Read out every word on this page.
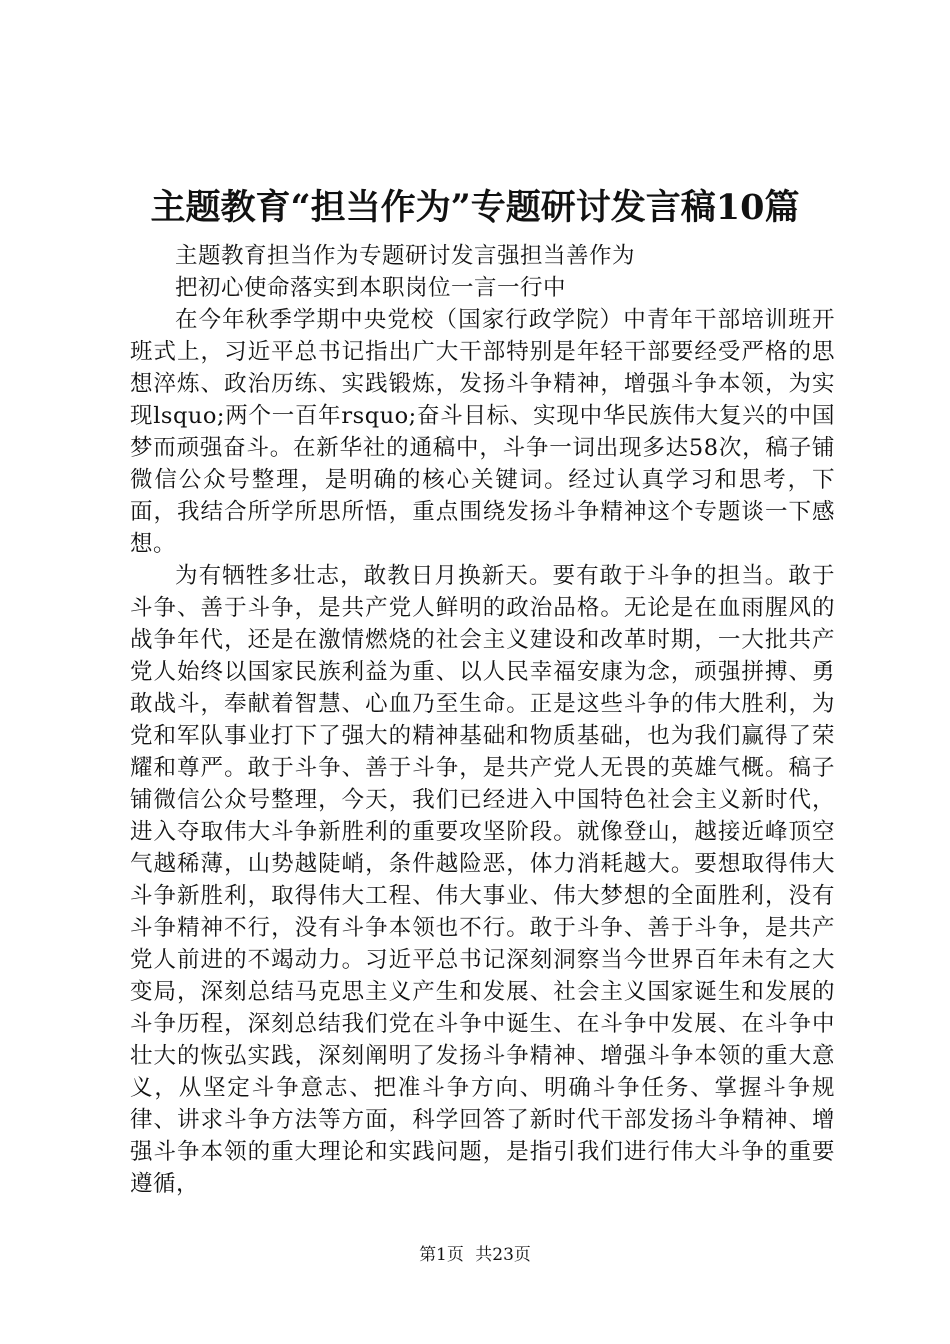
主题教育“担当作为”专题研讨发言稿10篇

主题教育担当作为专题研讨发言强担当善作为

把初心使命落实到本职岗位一言一行中

在今年秋季学期中央党校（国家行政学院）中青年干部培训班开班式上，习近平总书记指出广大干部特别是年轻干部要经受严格的思想淬炼、政治历练、实践锻炼，发扬斗争精神，增强斗争本领，为实现lsquo;两个一百年rsquo;奋斗目标、实现中华民族伟大复兴的中国梦而顽强奋斗。在新华社的通稿中，斗争一词出现多达58次，稿子铺微信公众号整理，是明确的核心关键词。经过认真学习和思考，下面，我结合所学所思所悟，重点围绕发扬斗争精神这个专题谈一下感想。

为有牺牲多壮志，敢教日月换新天。要有敢于斗争的担当。敢于斗争、善于斗争，是共产党人鲜明的政治品格。无论是在血雨腥风的战争年代，还是在激情燃烧的社会主义建设和改革时期，一大批共产党人始终以国家民族利益为重、以人民幸福安康为念，顽强拼搏、勇敢战斗，奉献着智慧、心血乃至生命。正是这些斗争的伟大胜利，为党和军队事业打下了强大的精神基础和物质基础，也为我们赢得了荣耀和尊严。敢于斗争、善于斗争，是共产党人无畏的英雄气概。稿子铺微信公众号整理，今天，我们已经进入中国特色社会主义新时代，进入夺取伟大斗争新胜利的重要攻坚阶段。就像登山，越接近峰顶空气越稀薄，山势越陡峭，条件越险恶，体力消耗越大。要想取得伟大斗争新胜利，取得伟大工程、伟大事业、伟大梦想的全面胜利，没有斗争精神不行，没有斗争本领也不行。敢于斗争、善于斗争，是共产党人前进的不竭动力。习近平总书记深刻洞察当今世界百年未有之大变局，深刻总结马克思主义产生和发展、社会主义国家诞生和发展的斗争历程，深刻总结我们党在斗争中诞生、在斗争中发展、在斗争中壮大的恢弘实践，深刻阐明了发扬斗争精神、增强斗争本领的重大意义，从坚定斗争意志、把准斗争方向、明确斗争任务、掌握斗争规律、讲求斗争方法等方面，科学回答了新时代干部发扬斗争精神、增强斗争本领的重大理论和实践问题，是指引我们进行伟大斗争的重要遵循，

第1页 共23页
